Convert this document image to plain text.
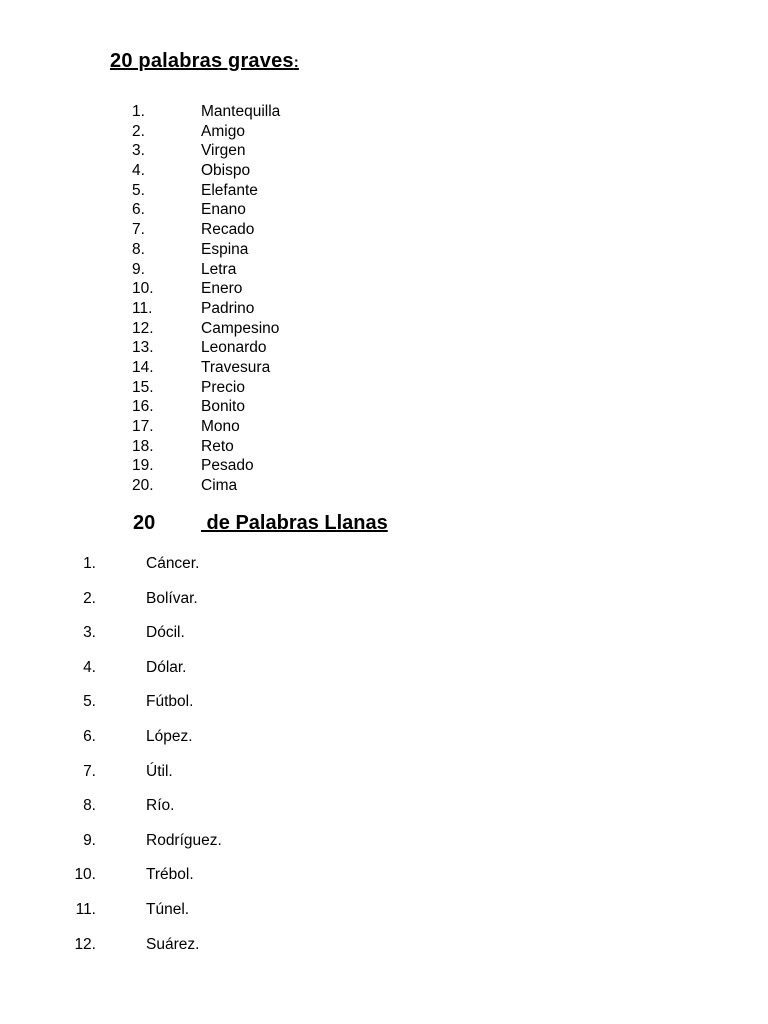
20 palabras graves:
1.	Mantequilla
2.	Amigo
3.	Virgen
4.	Obispo
5.	Elefante
6.	Enano
7.	Recado
8.	Espina
9.	Letra
10.	Enero
11.	Padrino
12.	Campesino
13.	Leonardo
14.	Travesura
15.	Precio
16.	Bonito
17.	Mono
18.	Reto
19.	Pesado
20.	Cima
20 de Palabras Llanas
1.	Cáncer.
2.	Bolívar.
3.	Dócil.
4.	Dólar.
5.	Fútbol.
6.	López.
7.	Útil.
8.	Río.
9.	Rodríguez.
10.	Trébol.
11.	Túnel.
12.	Suárez.
